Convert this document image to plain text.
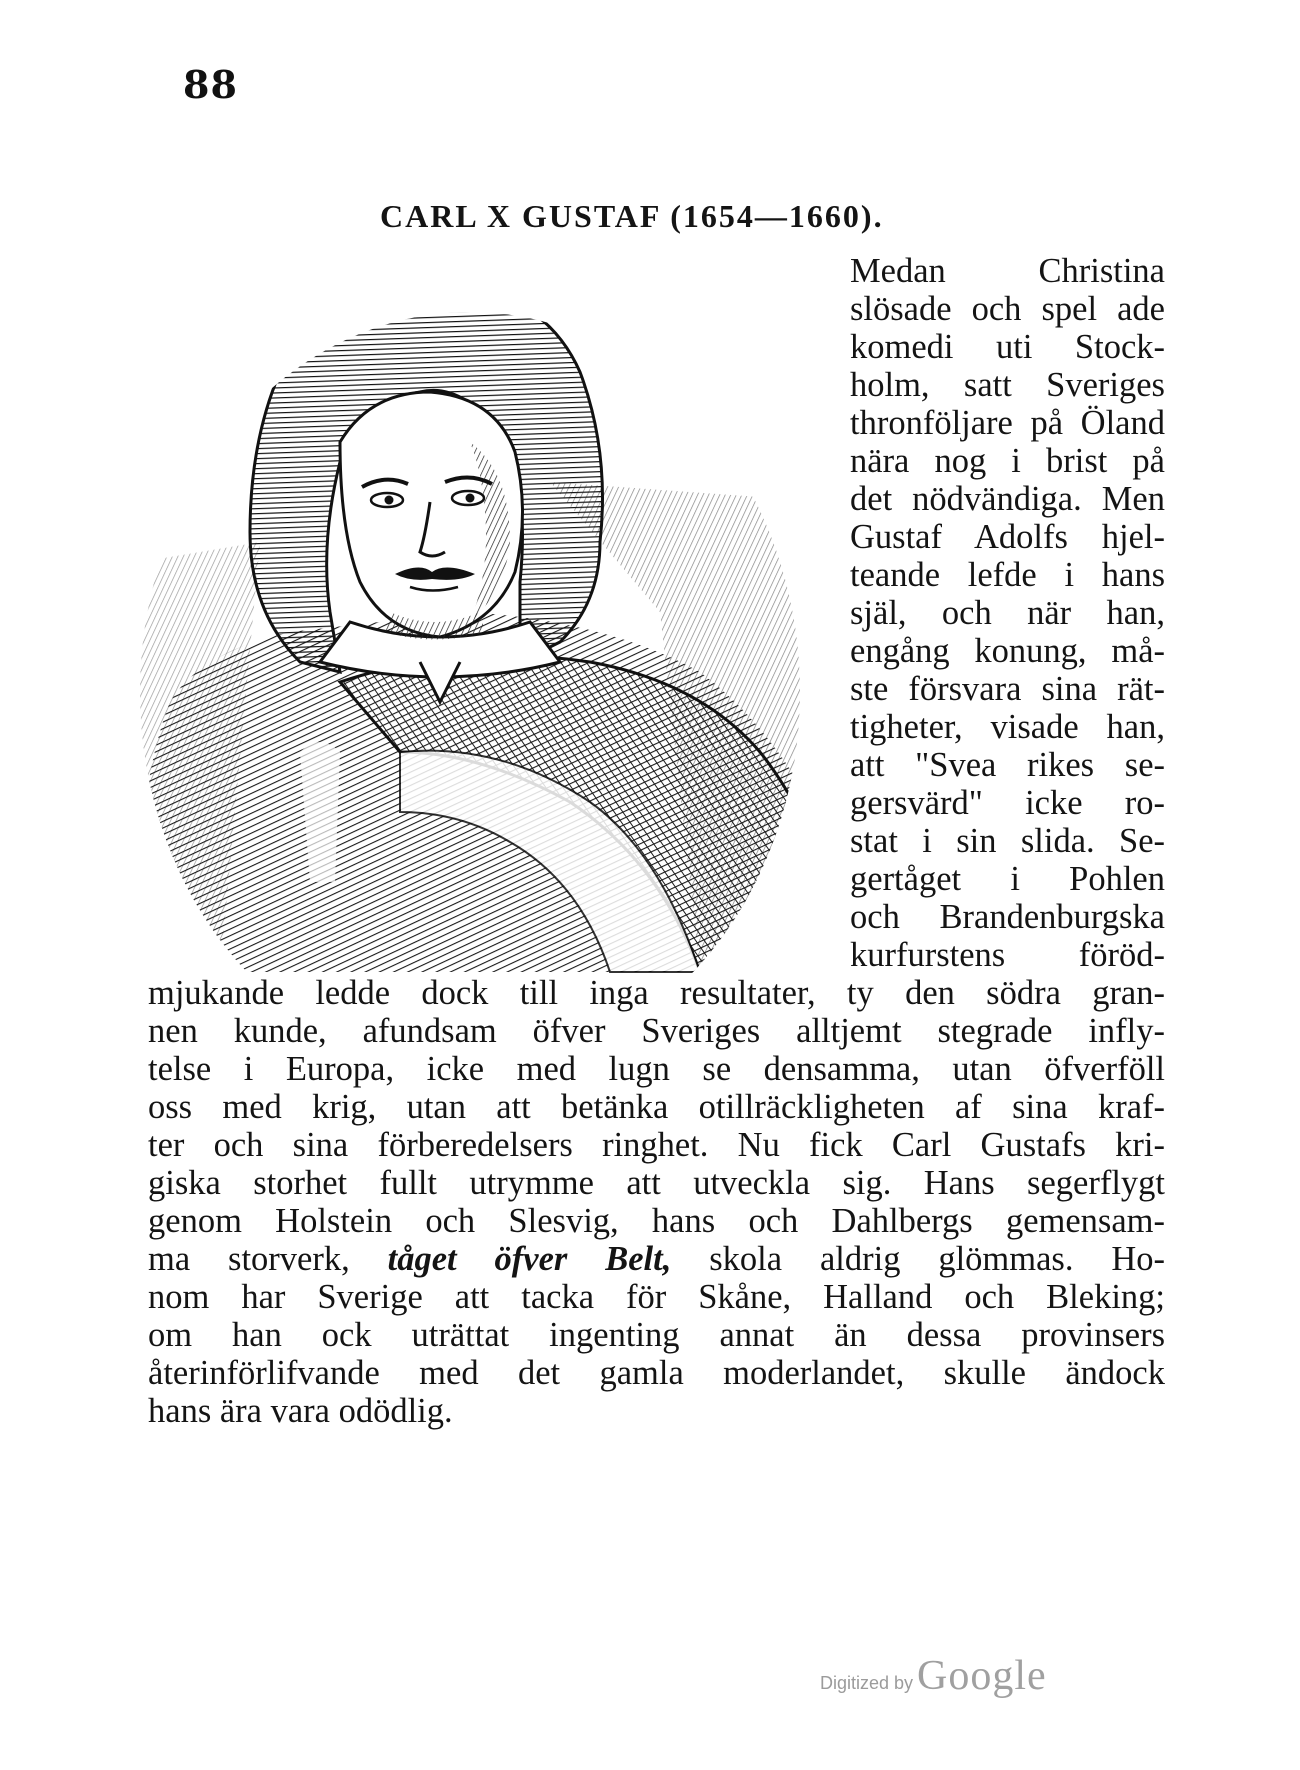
88
CARL X GUSTAF (1654—1660).
Medan Christina
slösade och spel ade
komedi uti Stock-
holm, satt Sveriges
thronföljare på Öland
nära nog i brist på
det nödvändiga. Men
Gustaf Adolfs hjel-
teande lefde i hans
själ, och när han,
engång konung, må-
ste försvara sina rät-
tigheter, visade han,
att "Svea rikes se-
gersvärd" icke ro-
stat i sin slida. Se-
gertåget i Pohlen
och Brandenburgska
kurfurstens föröd-
mjukande ledde dock till inga resultater, ty den södra gran-
nen kunde, afundsam öfver Sveriges alltjemt stegrade infly-
telse i Europa, icke med lugn se densamma, utan öfverföll
oss med krig, utan att betänka otillräckligheten af sina kraf-
ter och sina förberedelsers ringhet. Nu fick Carl Gustafs kri-
giska storhet fullt utrymme att utveckla sig. Hans segerflygt
genom Holstein och Slesvig, hans och Dahlbergs gemensam-
ma storverk, tåget öfver Belt, skola aldrig glömmas. Ho-
nom har Sverige att tacka för Skåne, Halland och Bleking;
om han ock uträttat ingenting annat än dessa provinsers
återinförlifvande med det gamla moderlandet, skulle ändock
hans ära vara odödlig.
Digitized by Google
